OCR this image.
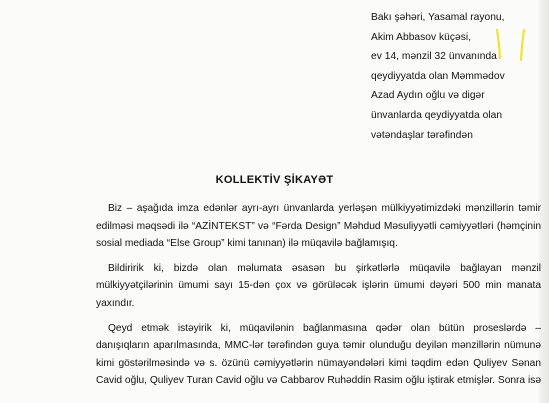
Bakı şəhəri, Yasamal rayonu,
Akim Abbasov küçəsi,
ev 14, mənzil 32 ünvanında
qeydiyyatda olan Məmmədov
Azad Aydın oğlu və digər
ünvanlarda qeydiyyatda olan
vətəndaşlar tərəfindən
KOLLEKTİV ŞİKAYƏT
Biz – aşağıda imza edənlər ayrı-ayrı ünvanlarda yerləşən mülkiyyətimizdəki mənzillərin təmir
edilməsi məqsədi ilə “AZİNTEKST” və “Fərda Design” Məhdud Məsuliyyətli cəmiyyətləri (həmçinin
sosial mediada “Else Group” kimi tanınan) ilə müqavilə bağlamışıq.
Bildiririk ki, bizdə olan məlumata əsasən bu şirkətlərlə müqavilə bağlayan mənzil
mülkiyyətçilərinin ümumi sayı 15-dən çox və görüləcək işlərin ümumi dəyəri 500 min manata
yaxındır.
Qeyd etmək istəyirik ki, müqavilənin bağlanmasına qədər olan bütün proseslərdə –
danışıqların aparılmasında, MMC-lər tərəfindən guya təmir olunduğu deyilən mənzillərin nümunə
kimi göstərilməsində və s. özünü cəmiyyətlərin nümayəndələri kimi təqdim edən Quliyev Sənan
Cavid oğlu, Quliyev Turan Cavid oğlu və Cabbarov Ruhəddin Rasim oğlu iştirak etmişlər. Sonra isə
